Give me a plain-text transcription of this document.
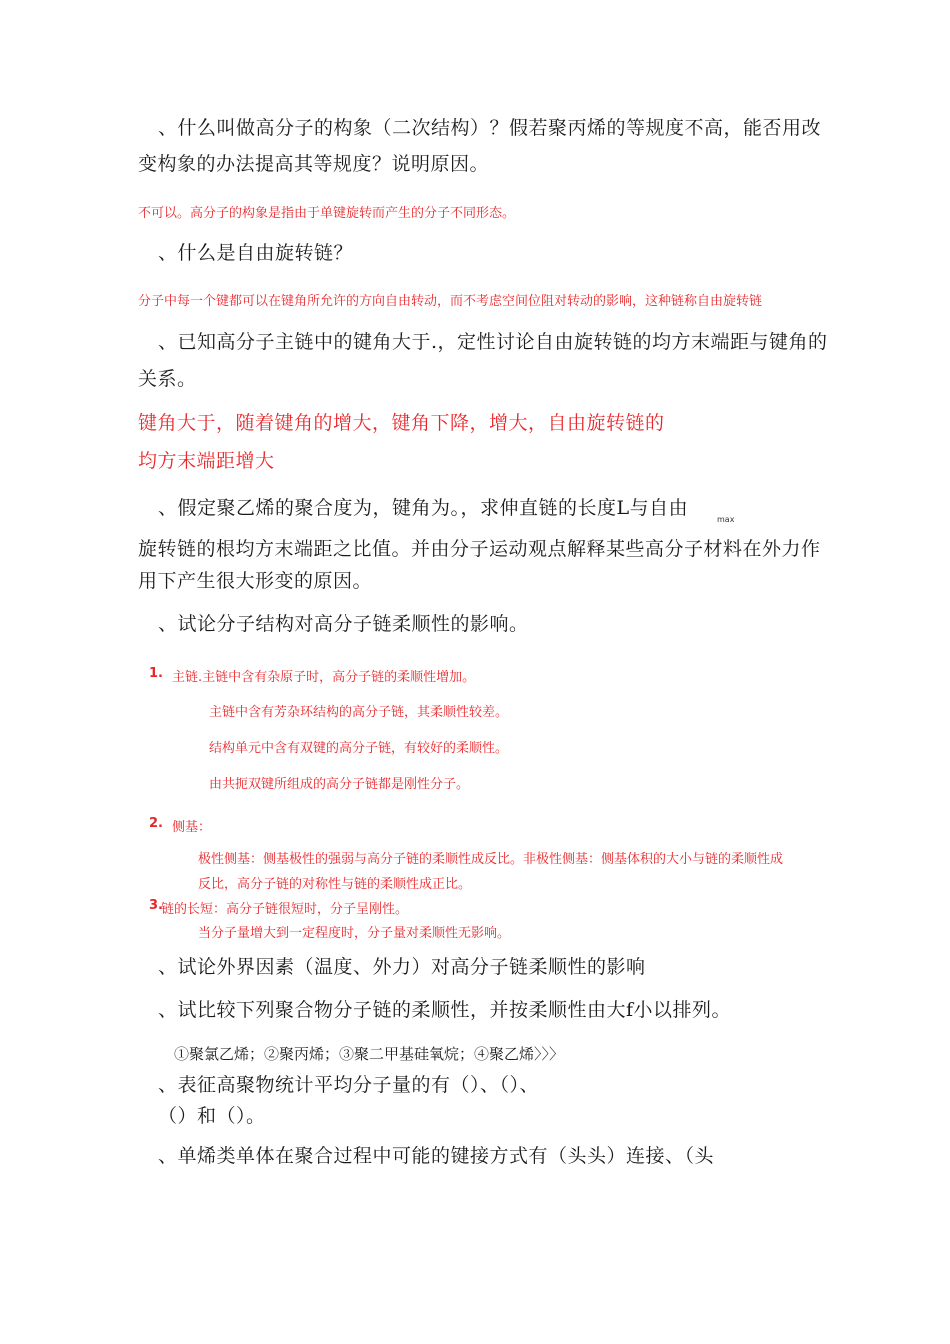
、什么叫做高分子的构象（二次结构）？假若聚丙烯的等规度不高，能否用改

变构象的办法提高其等规度？说明原因。

不可以。高分子的构象是指由于单键旋转而产生的分子不同形态。

、什么是自由旋转链？

分子中每一个键都可以在键角所允许的方向自由转动，而不考虑空间位阻对转动的影响，这种链称自由旋转链

、已知高分子主链中的键角大于.，定性讨论自由旋转链的均方末端距与键角的

关系。

键角大于，随着键角的增大，键角下降，增大，自由旋转链的

均方末端距增大

、假定聚乙烯的聚合度为，键角为。，求伸直链的长度L与自由

max

旋转链的根均方末端距之比值。并由分子运动观点解释某些高分子材料在外力作

用下产生很大形变的原因。

、试论分子结构对高分子链柔顺性的影响。

1. 主链.主链中含有杂原子时，高分子链的柔顺性增加。

主链中含有芳杂环结构的高分子链，其柔顺性较差。

结构单元中含有双键的高分子链，有较好的柔顺性。

由共扼双键所组成的高分子链都是刚性分子。

2. 侧基：

极性侧基：侧基极性的强弱与高分子链的柔顺性成反比。非极性侧基：侧基体积的大小与链的柔顺性成

反比，高分子链的对称性与链的柔顺性成正比。

3.

链的长短：高分子链很短时，分子呈刚性。

当分子量增大到一定程度时，分子量对柔顺性无影响。

、试论外界因素（温度、外力）对高分子链柔顺性的影响

、试比较下列聚合物分子链的柔顺性，并按柔顺性由大f小以排列。

①聚氯乙烯；②聚丙烯；③聚二甲基硅氧烷；④聚乙烯〉〉〉

、表征高聚物统计平均分子量的有（）、（）、

（）和（）。

、单烯类单体在聚合过程中可能的键接方式有（头头）连接、（头
